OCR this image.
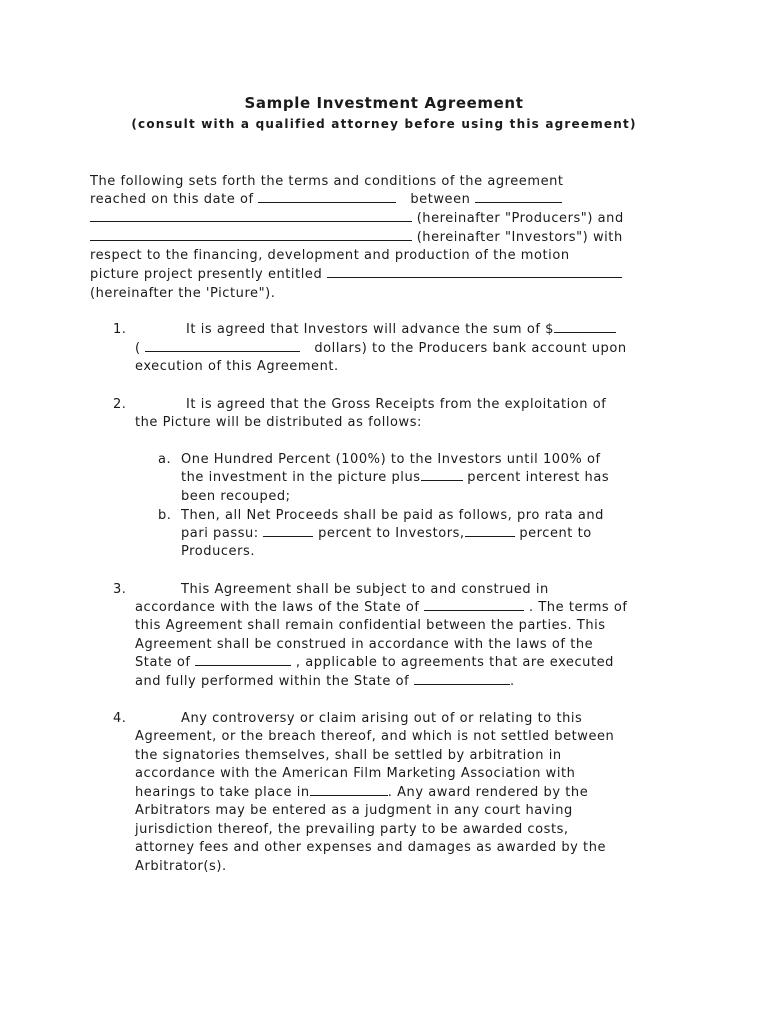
Sample Investment Agreement
(consult with a qualified attorney before using this agreement)
The following sets forth the terms and conditions of the agreement
reached on this date of	between
(hereinafter "Producers") and
(hereinafter "Investors") with
respect to the financing, development and production of the motion
picture project presently entitled
(hereinafter the 'Picture").
1.	It is agreed that Investors will advance the sum of $
(	dollars) to the Producers bank account upon
execution of this Agreement.
2.	It is agreed that the Gross Receipts from the exploitation of
the Picture will be distributed as follows:
a. One Hundred Percent (100%) to the Investors until 100% of
the investment in the picture plus	percent interest has
been recouped;
b. Then, all Net Proceeds shall be paid as follows, pro rata and
pari passu:	percent to Investors,	percent to
Producers.
3.	This Agreement shall be subject to and construed in
accordance with the laws of the State of	. The terms of
this Agreement shall remain confidential between the parties. This
Agreement shall be construed in accordance with the laws of the
State of	, applicable to agreements that are executed
and fully performed within the State of	.
4.	Any controversy or claim arising out of or relating to this
Agreement, or the breach thereof, and which is not settled between
the signatories themselves, shall be settled by arbitration in
accordance with the American Film Marketing Association with
hearings to take place in	. Any award rendered by the
Arbitrators may be entered as a judgment in any court having
jurisdiction thereof, the prevailing party to be awarded costs,
attorney fees and other expenses and damages as awarded by the
Arbitrator(s).
